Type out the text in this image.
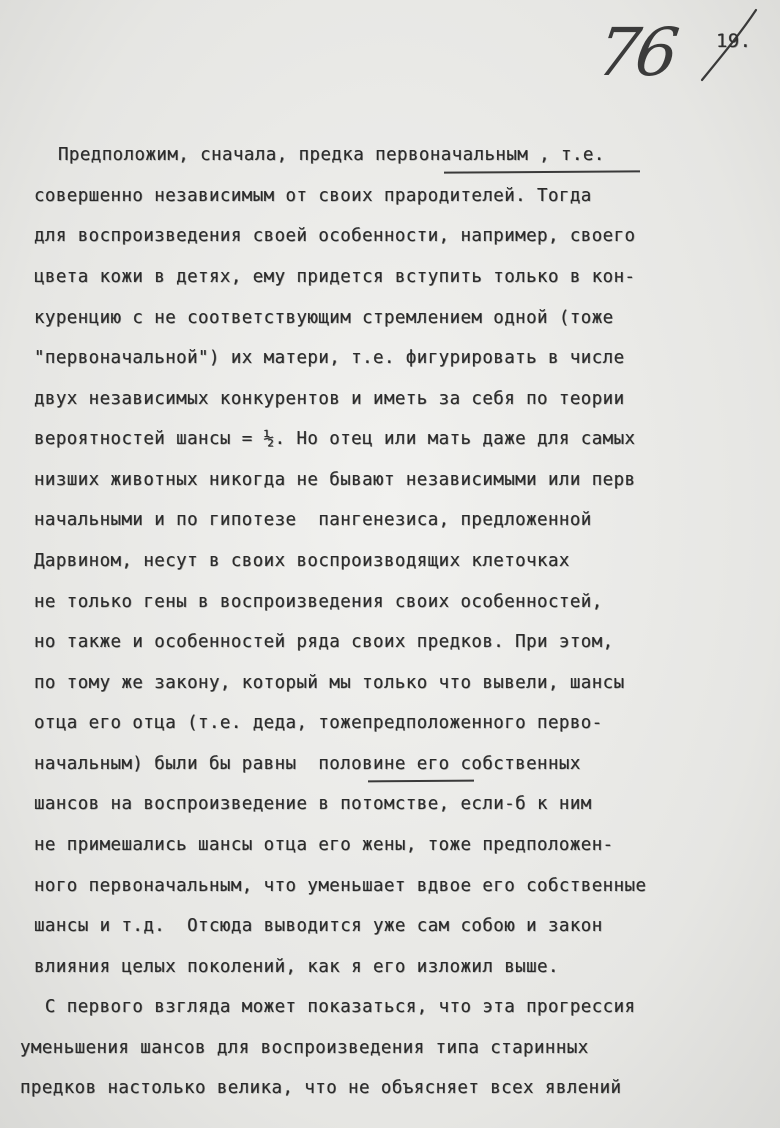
76 19.
Предположим, сначала, предка первоначальным , т.е.
совершенно независимым от своих прародителей. Тогда
для воспроизведения своей особенности, например, своего
цвета кожи в детях, ему придется вступить только в кон-
куренцию с не соответствующим стремлением одной (тоже
"первоначальной") их матери, т.е. фигурировать в числе
двух независимых конкурентов и иметь за себя по теории
вероятностей шансы = ½. Но отец или мать даже для самых
низших животных никогда не бывают независимыми или перв
начальными и по гипотезе  пангенезиса, предложенной
Дарвином, несут в своих воспроизводящих клеточках
не только гены в воспроизведения своих особенностей,
но также и особенностей ряда своих предков. При этом,
по тому же закону, который мы только что вывели, шансы
отца его отца (т.е. деда, тожепредположенного перво-
начальным) были бы равны  половине его собственных
шансов на воспроизведение в потомстве, если-б к ним
не примешались шансы отца его жены, тоже предположен-
ного первоначальным, что уменьшает вдвое его собственные
шансы и т.д.  Отсюда выводится уже сам собою и закон
влияния целых поколений, как я его изложил выше.
С первого взгляда может показаться, что эта прогрессия
уменьшения шансов для воспроизведения типа старинных
предков настолько велика, что не объясняет всех явлений
